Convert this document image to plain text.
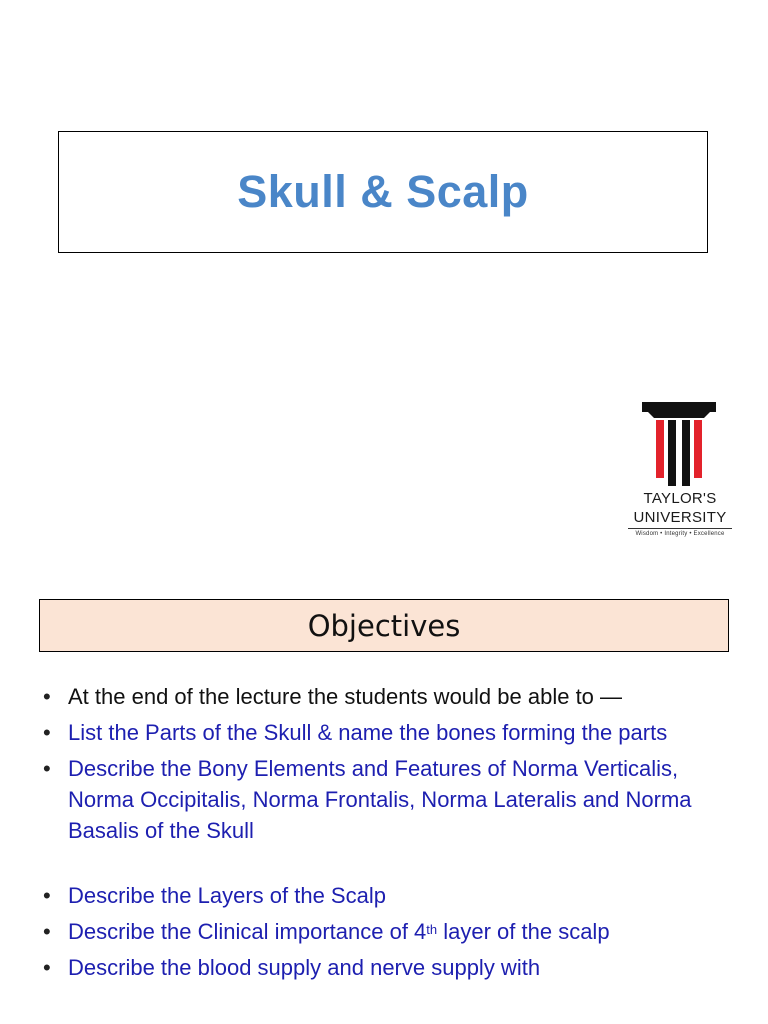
Skull & Scalp
TAYLOR'S
UNIVERSITY
Wisdom • Integrity • Excellence
Objectives
• At the end of the lecture the students would be able to —
• List the Parts of the Skull & name the bones forming the parts
• Describe the Bony Elements and Features of Norma Verticalis, Norma Occipitalis, Norma Frontalis, Norma Lateralis and Norma Basalis of the Skull
• Describe the Layers of the Scalp
• Describe the Clinical importance of 4th layer of the scalp
• Describe the blood supply and nerve supply with
